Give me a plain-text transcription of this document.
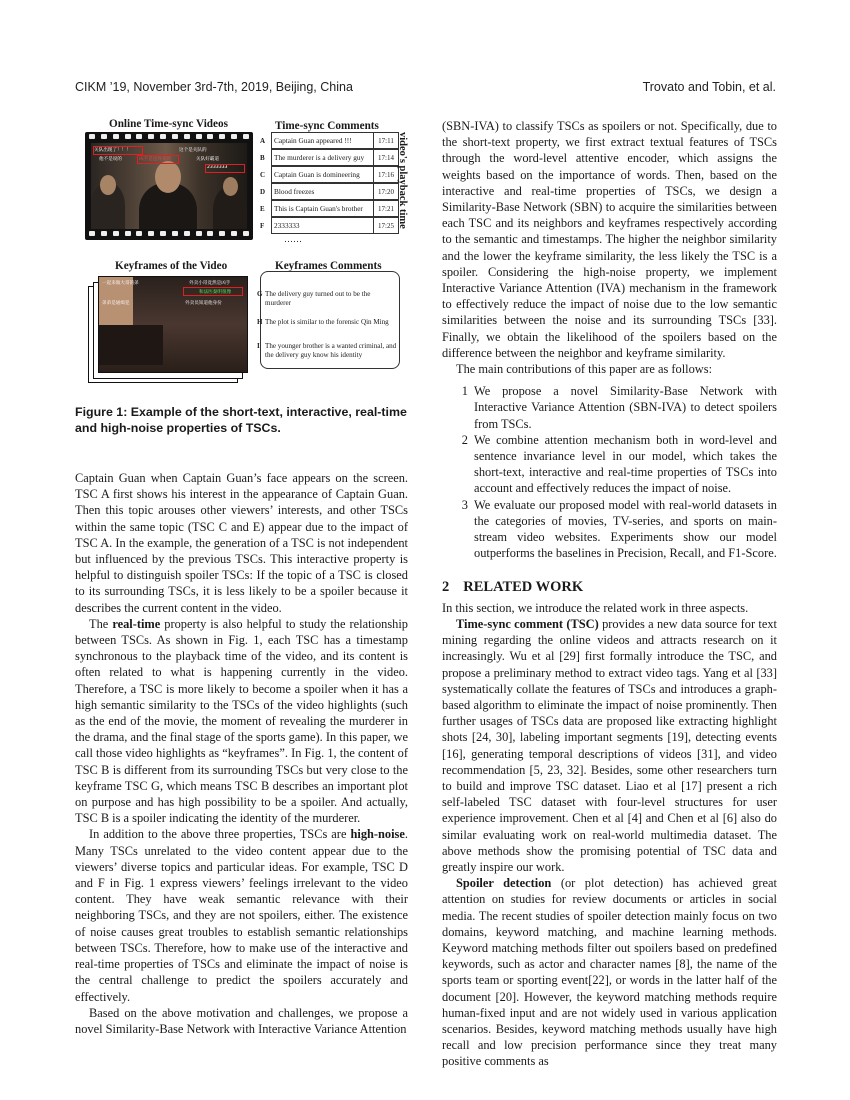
CIKM ’19, November 3rd-7th, 2019, Beijing, China	Trovato and Tobin, et al.
Online Time-sync Videos	Time-sync Comments
关队出现了！！！	这个是关队的
他不是说的	凶手是送外卖的	关队好霸道
2333333
A	Captain Guan appeared !!!	17:11
B	The murderer is a delivery guy	17:14
C	Captain Guan is domineering	17:16
D	Blood freezes	17:20
E	This is Captain Guan's brother	17:21
F	2333333	17:25
……
video's playback time
Keyframes of the Video	Keyframes Comments
一起来做大哥的弟	外卖小哥竟然是凶手
和法医秦明很像
弟弟是通缉犯	外卖员知道他身份
G The delivery guy turned out to be the murderer
H The plot is similar to the forensic Qin Ming
I The younger brother is a wanted criminal, and the delivery guy know his identity
Figure 1: Example of the short-text, interactive, real-time and high-noise properties of TSCs.

Captain Guan when Captain Guan’s face appears on the screen. TSC A first shows his interest in the appearance of Captain Guan. Then this topic arouses other viewers’ interests, and other TSCs within the same topic (TSC C and E) appear due to the impact of TSC A. In the example, the generation of a TSC is not independent but influenced by the previous TSCs. This interactive property is helpful to distinguish spoiler TSCs: If the topic of a TSC is closed to its surrounding TSCs, it is less likely to be a spoiler because it describes the current content in the video.

The real-time property is also helpful to study the relationship between TSCs. As shown in Fig. 1, each TSC has a timestamp synchronous to the playback time of the video, and its content is often related to what is happening currently in the video. Therefore, a TSC is more likely to become a spoiler when it has a high semantic similarity to the TSCs of the video highlights (such as the end of the movie, the moment of revealing the murderer in the drama, and the final stage of the sports game). In this paper, we call those video highlights as “keyframes”. In Fig. 1, the content of TSC B is different from its surrounding TSCs but very close to the keyframe TSC G, which means TSC B describes an important plot on purpose and has high possibility to be a spoiler. And actually, TSC B is a spoiler indicating the identity of the murderer.

In addition to the above three properties, TSCs are high-noise. Many TSCs unrelated to the video content appear due to the viewers’ diverse topics and particular ideas. For example, TSC D and F in Fig. 1 express viewers’ feelings irrelevant to the video content. They have weak semantic relevance with their neighboring TSCs, and they are not spoilers, either. The existence of noise causes great troubles to establish semantic relationships between TSCs. Therefore, how to make use of the interactive and real-time properties of TSCs and eliminate the impact of noise is the central challenge to predict the spoilers accurately and effectively.

Based on the above motivation and challenges, we propose a novel Similarity-Base Network with Interactive Variance Attention

(SBN-IVA) to classify TSCs as spoilers or not. Specifically, due to the short-text property, we first extract textual features of TSCs through the word-level attentive encoder, which assigns the weights based on the importance of words. Then, based on the interactive and real-time properties of TSCs, we design a Similarity-Base Network (SBN) to acquire the similarities between each TSC and its neighbors and keyframes respectively according to the semantic and timestamps. The higher the neighbor similarity and the lower the keyframe similarity, the less likely the TSC is a spoiler. Considering the high-noise property, we implement Interactive Variance Attention (IVA) mechanism in the framework to effectively reduce the impact of noise due to the low semantic similarities between the noise and its surrounding TSCs [33]. Finally, we obtain the likelihood of the spoilers based on the difference between the neighbor and keyframe similarity.

The main contributions of this paper are as follows:

1 We propose a novel Similarity-Base Network with Interactive Variance Attention (SBN-IVA) to detect spoilers from TSCs.
2 We combine attention mechanism both in word-level and sentence invariance level in our model, which takes the short-text, interactive and real-time properties of TSCs into account and effectively reduces the impact of noise.
3 We evaluate our proposed model with real-world datasets in the categories of movies, TV-series, and sports on main-stream video websites. Experiments show our model outperforms the baselines in Precision, Recall, and F1-Score.
2 RELATED WORK

In this section, we introduce the related work in three aspects.

Time-sync comment (TSC) provides a new data source for text mining regarding the online videos and attracts research on it increasingly. Wu et al [29] first formally introduce the TSC, and propose a preliminary method to extract video tags. Yang et al [33] systematically collate the features of TSCs and introduces a graph-based algorithm to eliminate the impact of noise prominently. Then further usages of TSCs data are proposed like extracting highlight shots [24, 30], labeling important segments [19], detecting events [16], generating temporal descriptions of videos [31], and video recommendation [5, 23, 32]. Besides, some other researchers turn to build and improve TSC dataset. Liao et al [17] present a rich self-labeled TSC dataset with four-level structures for user experience improvement. Chen et al [4] and Chen et al [6] also do similar evaluating work on real-world multimedia dataset. The above methods show the promising potential of TSC data and greatly inspire our work.

Spoiler detection (or plot detection) has achieved great attention on studies for review documents or articles in social media. The recent studies of spoiler detection mainly focus on two domains, keyword matching, and machine learning methods. Keyword matching methods filter out spoilers based on predefined keywords, such as actor and character names [8], the name of the sports team or sporting event[22], or words in the latter half of the document [20]. However, the keyword matching methods require human-fixed input and are not widely used in various application scenarios. Besides, keyword matching methods usually have high recall and low precision performance since they treat many positive comments as
